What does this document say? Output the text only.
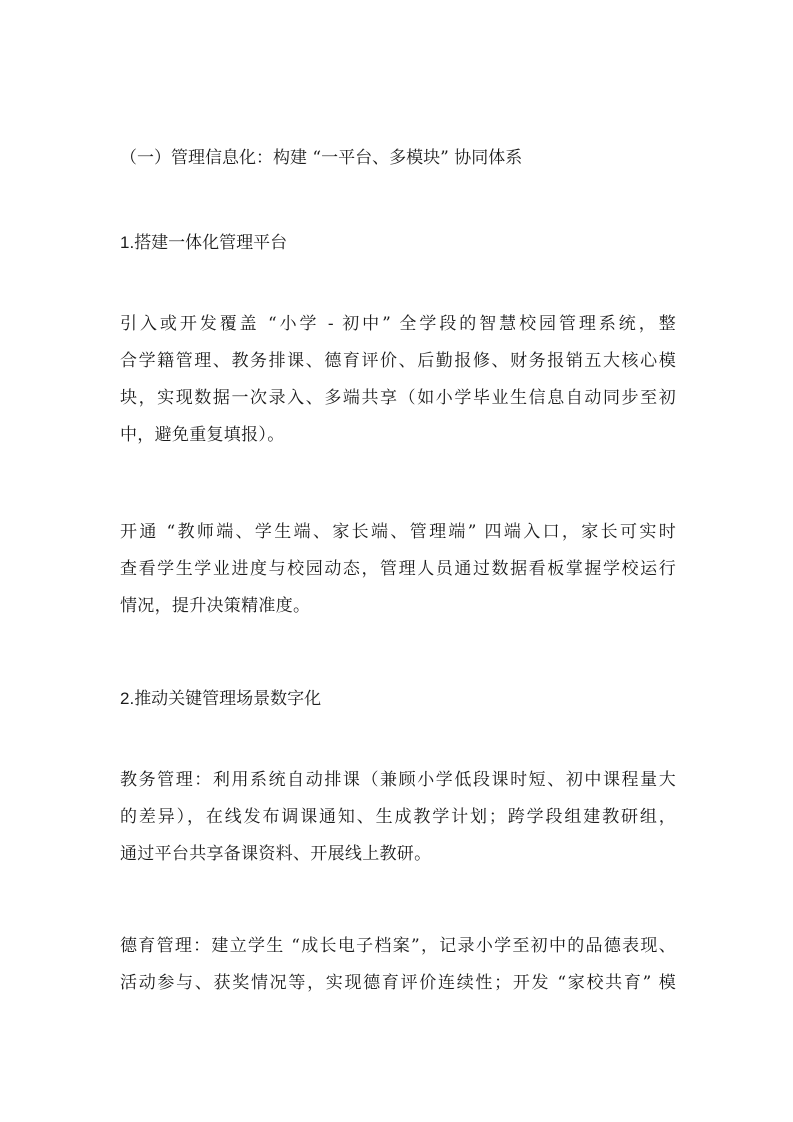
（一）管理信息化：构建 “一平台、多模块” 协同体系

1.搭建一体化管理平台

引入或开发覆盖 “小学 - 初中” 全学段的智慧校园管理系统，整
合学籍管理、教务排课、德育评价、后勤报修、财务报销五大核心模
块，实现数据一次录入、多端共享（如小学毕业生信息自动同步至初
中，避免重复填报）。
开通 “教师端、学生端、家长端、管理端” 四端入口，家长可实时
查看学生学业进度与校园动态，管理人员通过数据看板掌握学校运行
情况，提升决策精准度。

2.推动关键管理场景数字化

教务管理：利用系统自动排课（兼顾小学低段课时短、初中课程量大
的差异），在线发布调课通知、生成教学计划；跨学段组建教研组，
通过平台共享备课资料、开展线上教研。
德育管理：建立学生 “成长电子档案”，记录小学至初中的品德表现、
活动参与、获奖情况等，实现德育评价连续性；开发 “家校共育” 模
